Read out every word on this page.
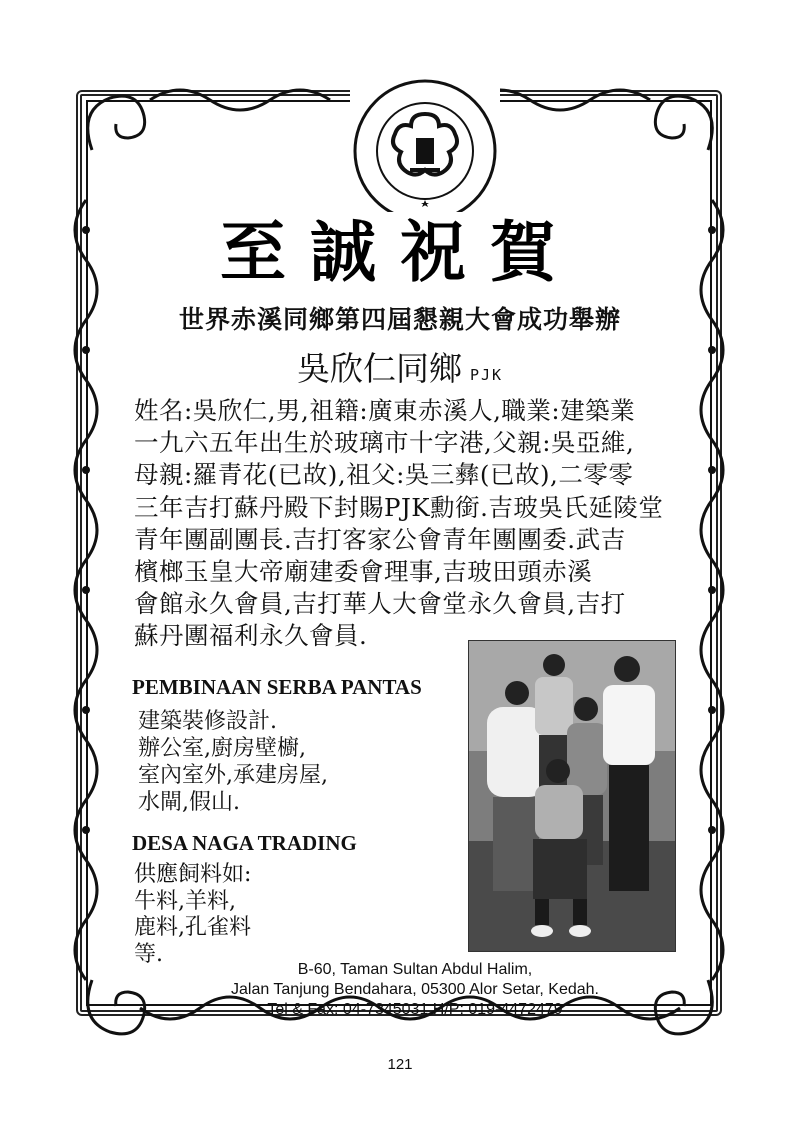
世界赤溪同乡第四屆懇亲大會
至誠祝賀
世界赤溪同鄉第四屆懇親大會成功舉辦
吳欣仁同鄉 PJK
姓名:吳欣仁,男,祖籍:廣東赤溪人,職業:建築業
一九六五年出生於玻璃市十字港,父親:吳亞維,
母親:羅青花(已故),祖父:吳三彝(已故),二零零
三年吉打蘇丹殿下封賜PJK勳銜.吉玻吳氏延陵堂
青年團副團長.吉打客家公會青年團團委.武吉
檳榔玉皇大帝廟建委會理事,吉玻田頭赤溪
會館永久會員,吉打華人大會堂永久會員,吉打
蘇丹團福利永久會員.
PEMBINAAN SERBA PANTAS
建築裝修設計.
辦公室,廚房壁櫥,
室內室外,承建房屋,
水閘,假山.
DESA NAGA TRADING
供應飼料如:
牛料,羊料,
鹿料,孔雀料
等.
B-60, Taman Sultan Abdul Halim,
Jalan Tanjung Bendahara, 05300 Alor Setar, Kedah.
Tel & Fax: 04-7345031 H/P: 019-4472479
121
